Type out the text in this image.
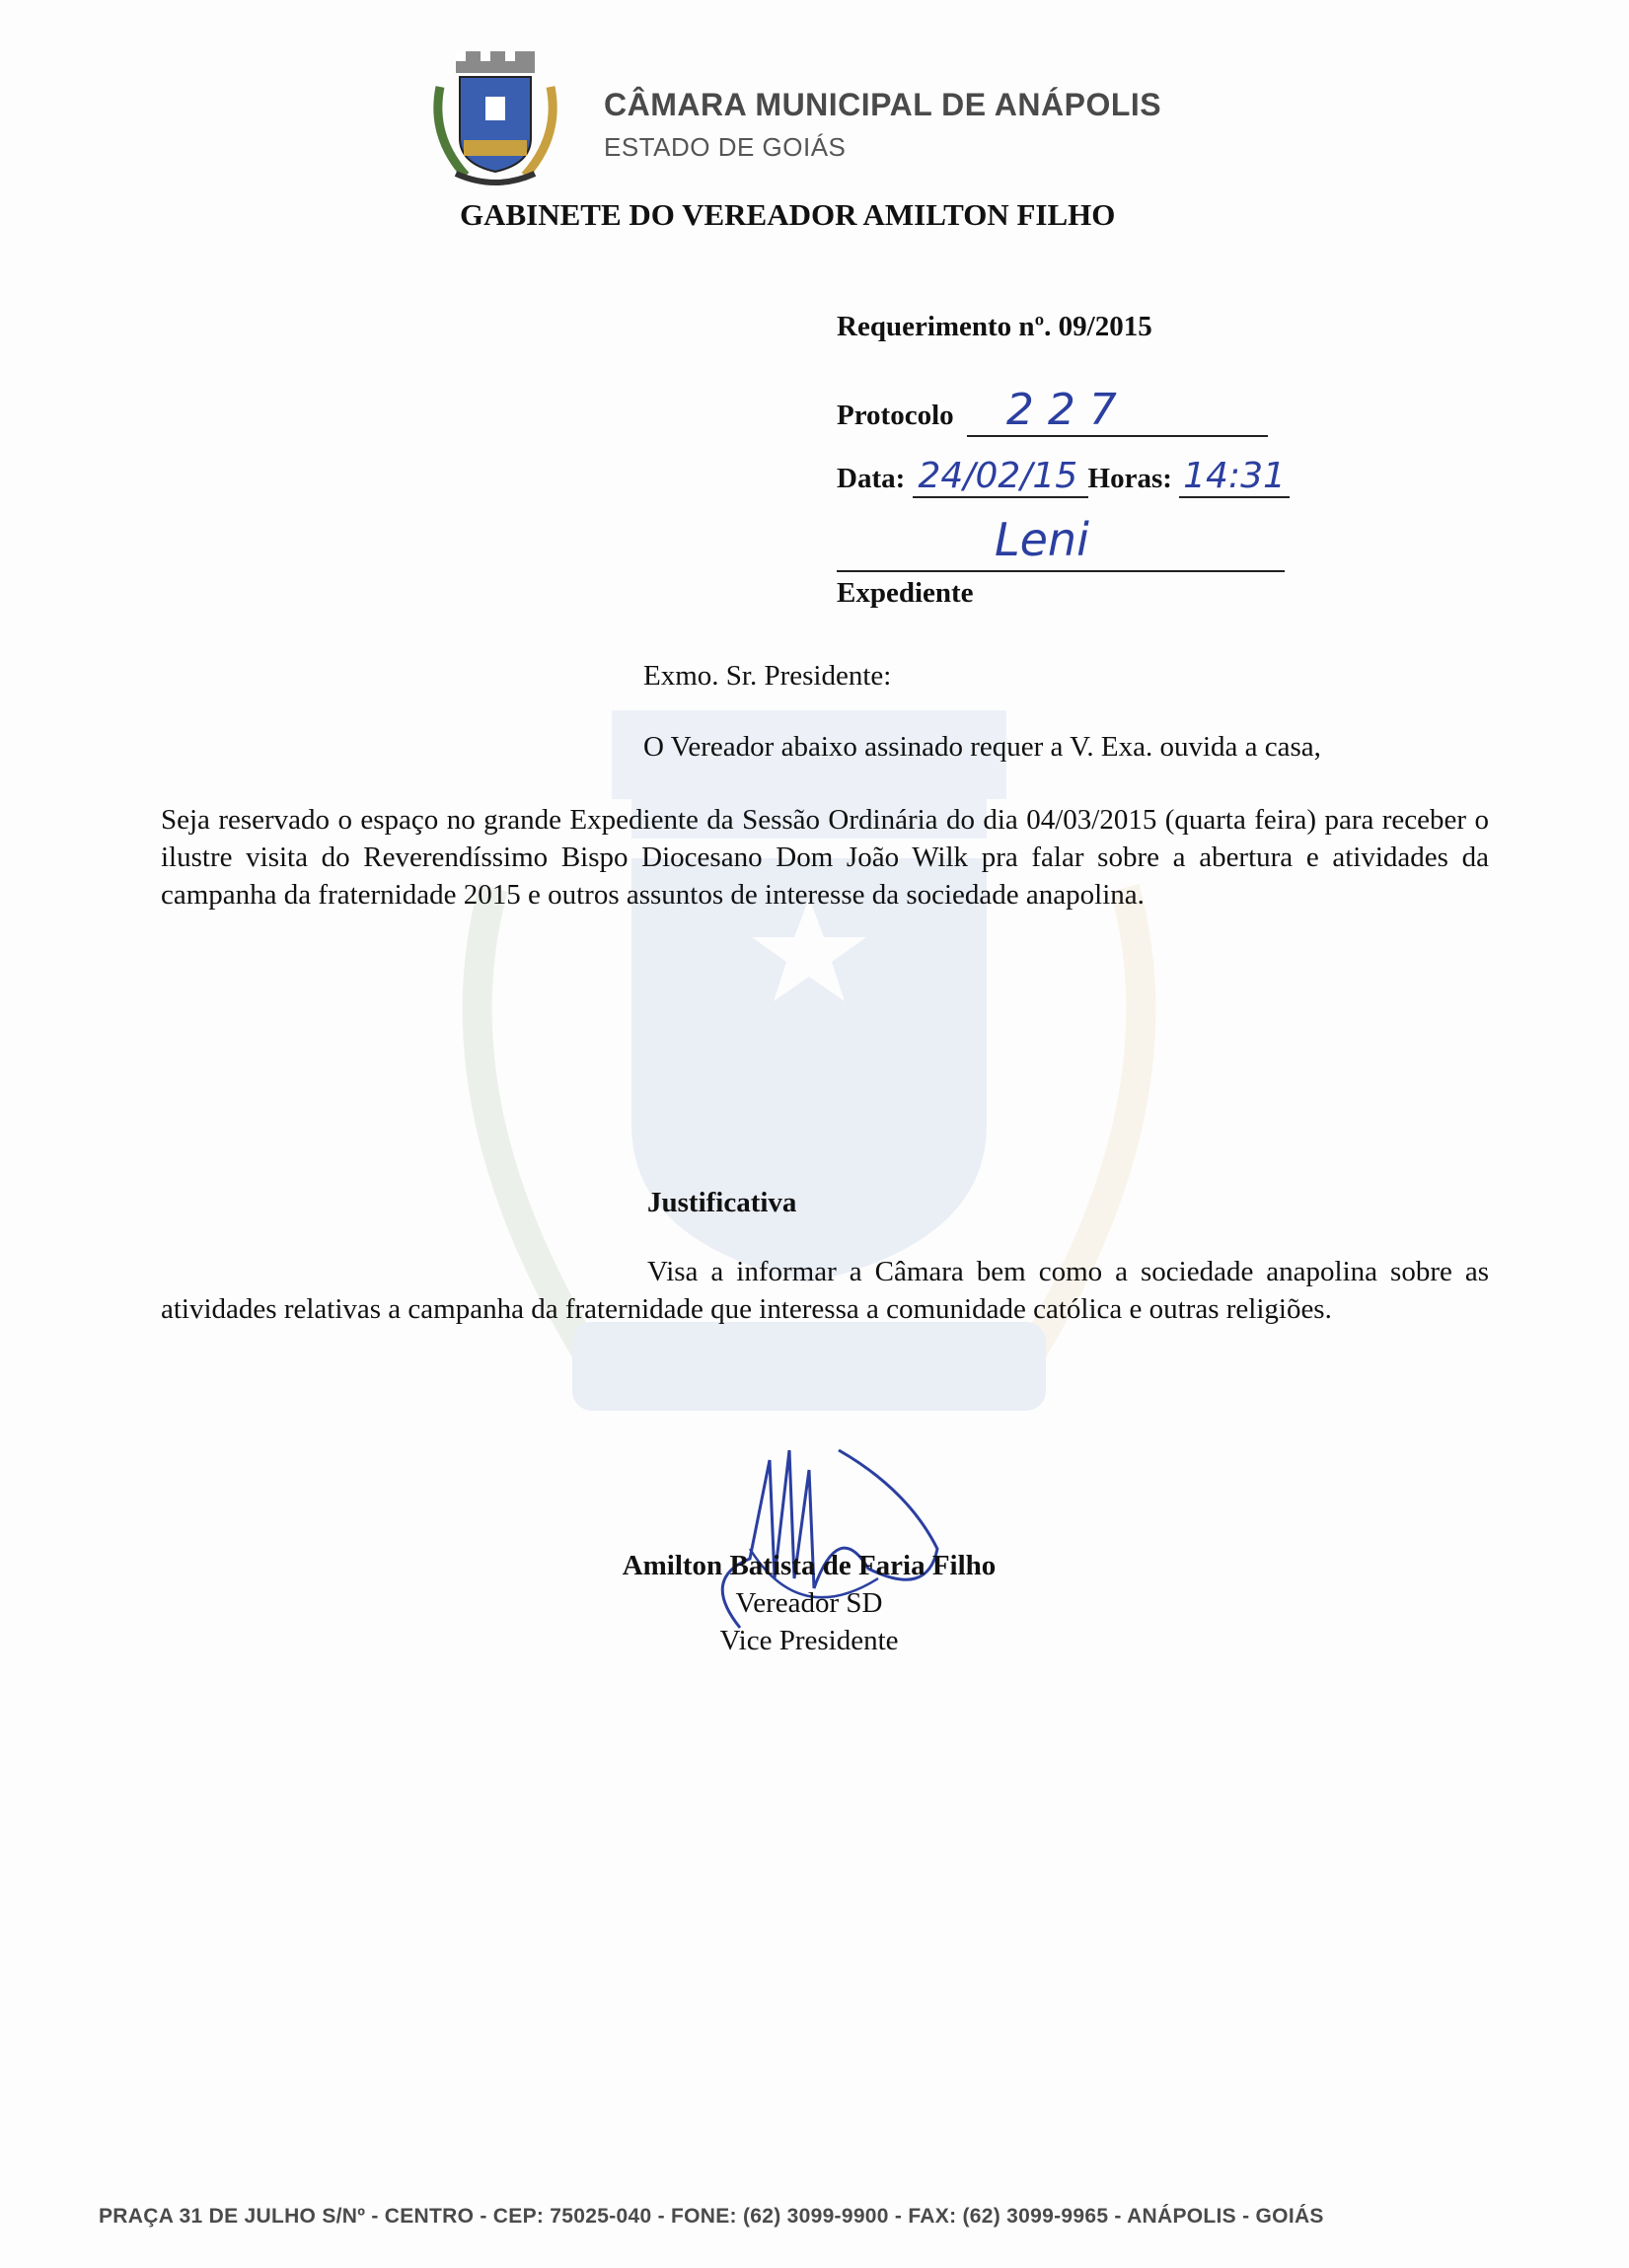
CÂMARA MUNICIPAL DE ANÁPOLIS
ESTADO DE GOIÁS
GABINETE DO VEREADOR AMILTON FILHO
Requerimento nº. 09/2015
Protocolo 227
Data: 24/02/15 Horas: 14:31
Leni
Expediente
Exmo. Sr. Presidente:
O Vereador abaixo assinado requer a V. Exa. ouvida a casa,
Seja reservado o espaço no grande Expediente da Sessão Ordinária do dia 04/03/2015 (quarta feira) para receber o ilustre visita do Reverendíssimo Bispo Diocesano Dom João Wilk pra falar sobre a abertura e atividades da campanha da fraternidade 2015 e outros assuntos de interesse da sociedade anapolina.
Justificativa
Visa a informar a Câmara bem como a sociedade anapolina sobre as atividades relativas a campanha da fraternidade que interessa a comunidade católica e outras religiões.
Amilton Batista de Faria Filho
Vereador SD
Vice Presidente
PRAÇA 31 DE JULHO S/Nº - CENTRO - CEP: 75025-040 - FONE: (62) 3099-9900 - FAX: (62) 3099-9965 - ANÁPOLIS - GOIÁS
